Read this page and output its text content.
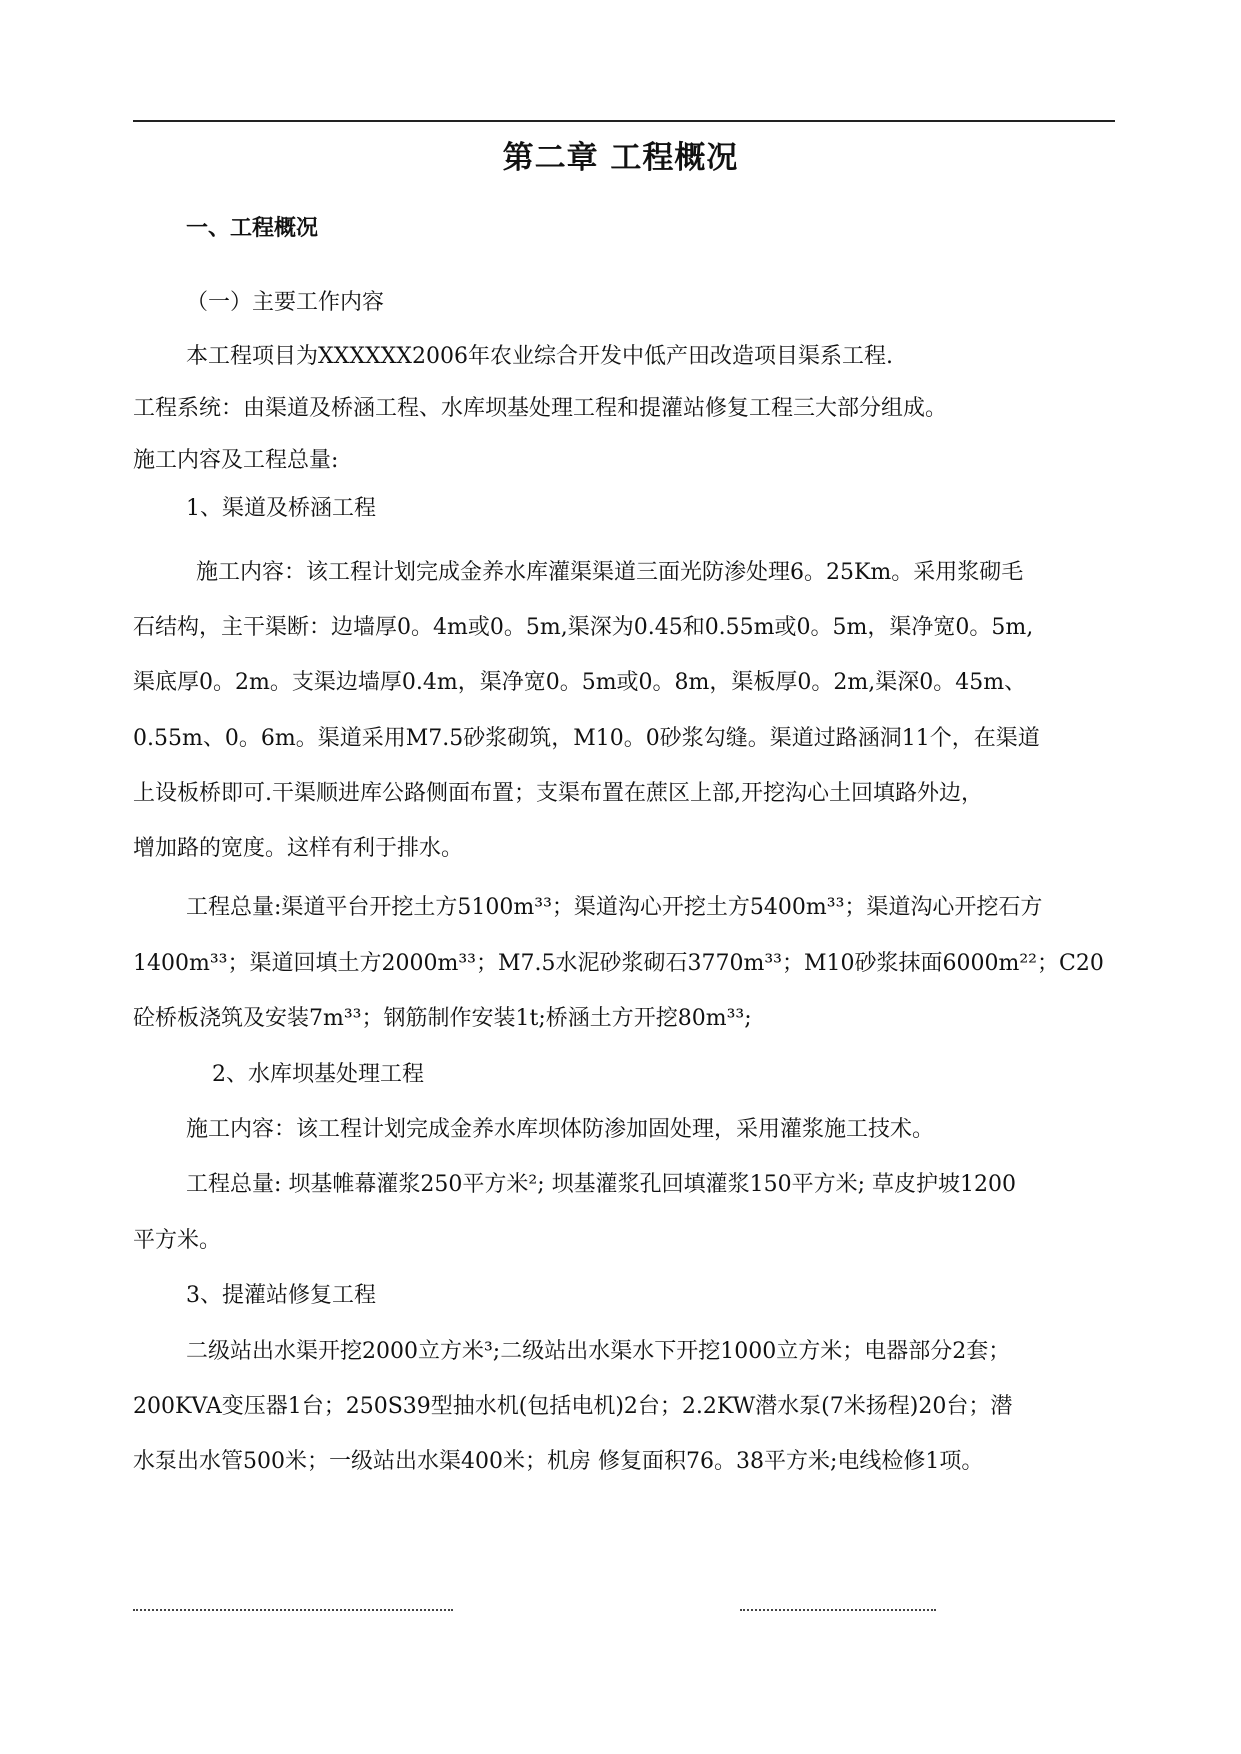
第二章 工程概况
一、工程概况
（一）主要工作内容
本工程项目为XXXXXX2006年农业综合开发中低产田改造项目渠系工程.
工程系统：由渠道及桥涵工程、水库坝基处理工程和提灌站修复工程三大部分组成。
施工内容及工程总量:
1、渠道及桥涵工程
施工内容：该工程计划完成金养水库灌渠渠道三面光防渗处理6。25Km。采用浆砌毛
石结构，主干渠断：边墙厚0。4m或0。5m,渠深为0.45和0.55m或0。5m，渠净宽0。5m,
渠底厚0。2m。支渠边墙厚0.4m，渠净宽0。5m或0。8m，渠板厚0。2m,渠深0。45m、
0.55m、0。6m。渠道采用M7.5砂浆砌筑，M10。0砂浆勾缝。渠道过路涵洞11个，在渠道
上设板桥即可.干渠顺进库公路侧面布置；支渠布置在蔗区上部,开挖沟心土回填路外边，
增加路的宽度。这样有利于排水。
工程总量:渠道平台开挖土方5100m³³；渠道沟心开挖土方5400m³³；渠道沟心开挖石方
1400m³³；渠道回填土方2000m³³；M7.5水泥砂浆砌石3770m³³；M10砂浆抹面6000m²²；C20
砼桥板浇筑及安装7m³³；钢筋制作安装1t;桥涵土方开挖80m³³;
2、水库坝基处理工程
施工内容：该工程计划完成金养水库坝体防渗加固处理，采用灌浆施工技术。
工程总量: 坝基帷幕灌浆250平方米²; 坝基灌浆孔回填灌浆150平方米; 草皮护坡1200
平方米。
3、提灌站修复工程
二级站出水渠开挖2000立方米³;二级站出水渠水下开挖1000立方米；电器部分2套；
200KVA变压器1台；250S39型抽水机(包括电机)2台；2.2KW潜水泵(7米扬程)20台；潜
水泵出水管500米；一级站出水渠400米；机房 修复面积76。38平方米;电线检修1项。
